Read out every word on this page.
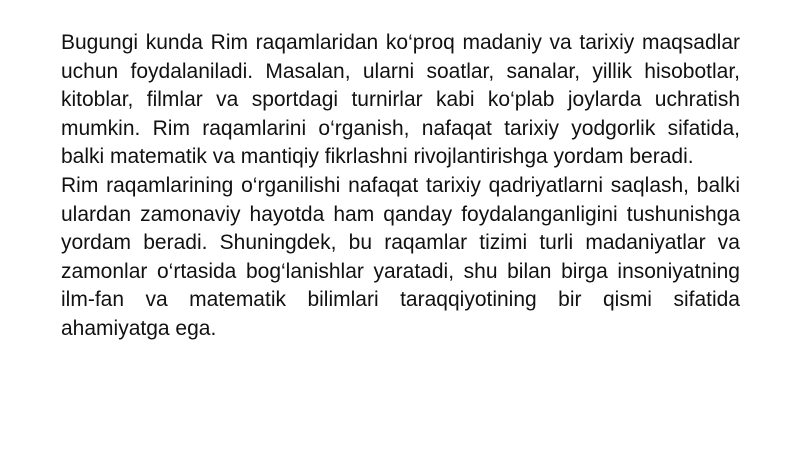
Bugungi kunda Rim raqamlaridan ko‘proq madaniy va tarixiy maqsadlar uchun foydalaniladi. Masalan, ularni soatlar, sanalar, yillik hisobotlar, kitoblar, filmlar va sportdagi turnirlar kabi ko‘plab joylarda uchratish mumkin. Rim raqamlarini o‘rganish, nafaqat tarixiy yodgorlik sifatida, balki matematik va mantiqiy fikrlashni rivojlantirishga yordam beradi.

Rim raqamlarining o‘rganilishi nafaqat tarixiy qadriyatlarni saqlash, balki ulardan zamonaviy hayotda ham qanday foydalanganligini tushunishga yordam beradi. Shuningdek, bu raqamlar tizimi turli madaniyatlar va zamonlar o‘rtasida bog‘lanishlar yaratadi, shu bilan birga insoniyatning ilm-fan va matematik bilimlari taraqqiyotining bir qismi sifatida ahamiyatga ega.
